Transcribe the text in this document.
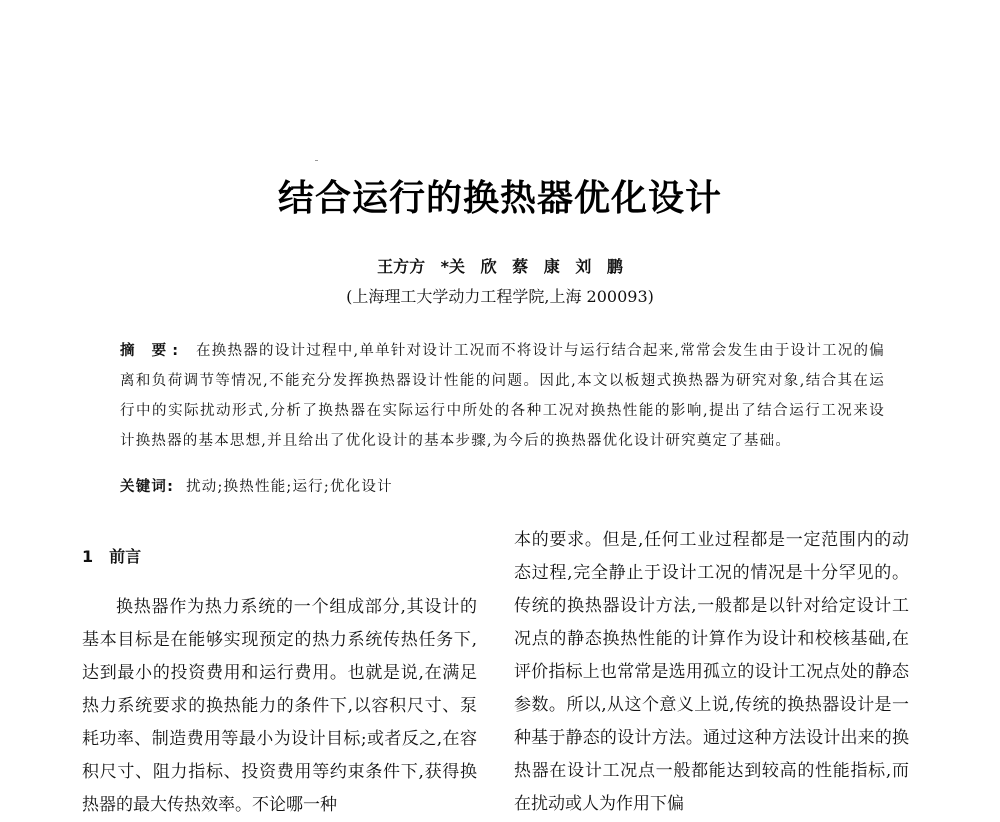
结合运行的换热器优化设计
王方方 *关 欣 蔡 康 刘 鹏
(上海理工大学动力工程学院,上海 200093)
摘 要: 在换热器的设计过程中,单单针对设计工况而不将设计与运行结合起来,常常会发生由于设计工况的偏离和负荷调节等情况,不能充分发挥换热器设计性能的问题。因此,本文以板翅式换热器为研究对象,结合其在运行中的实际扰动形式,分析了换热器在实际运行中所处的各种工况对换热性能的影响,提出了结合运行工况来设计换热器的基本思想,并且给出了优化设计的基本步骤,为今后的换热器优化设计研究奠定了基础。
关键词: 扰动;换热性能;运行;优化设计
1 前言

换热器作为热力系统的一个组成部分,其设计的基本目标是在能够实现预定的热力系统传热任务下,达到最小的投资费用和运行费用。也就是说,在满足热力系统要求的换热能力的条件下,以容积尺寸、泵耗功率、制造费用等最小为设计目标;或者反之,在容积尺寸、阻力指标、投资费用等约束条件下,获得换热器的最大传热效率。不论哪一种

本的要求。但是,任何工业过程都是一定范围内的动态过程,完全静止于设计工况的情况是十分罕见的。传统的换热器设计方法,一般都是以针对给定设计工况点的静态换热性能的计算作为设计和校核基础,在评价指标上也常常是选用孤立的设计工况点处的静态参数。所以,从这个意义上说,传统的换热器设计是一种基于静态的设计方法。通过这种方法设计出来的换热器在设计工况点一般都能达到较高的性能指标,而在扰动或人为作用下偏
